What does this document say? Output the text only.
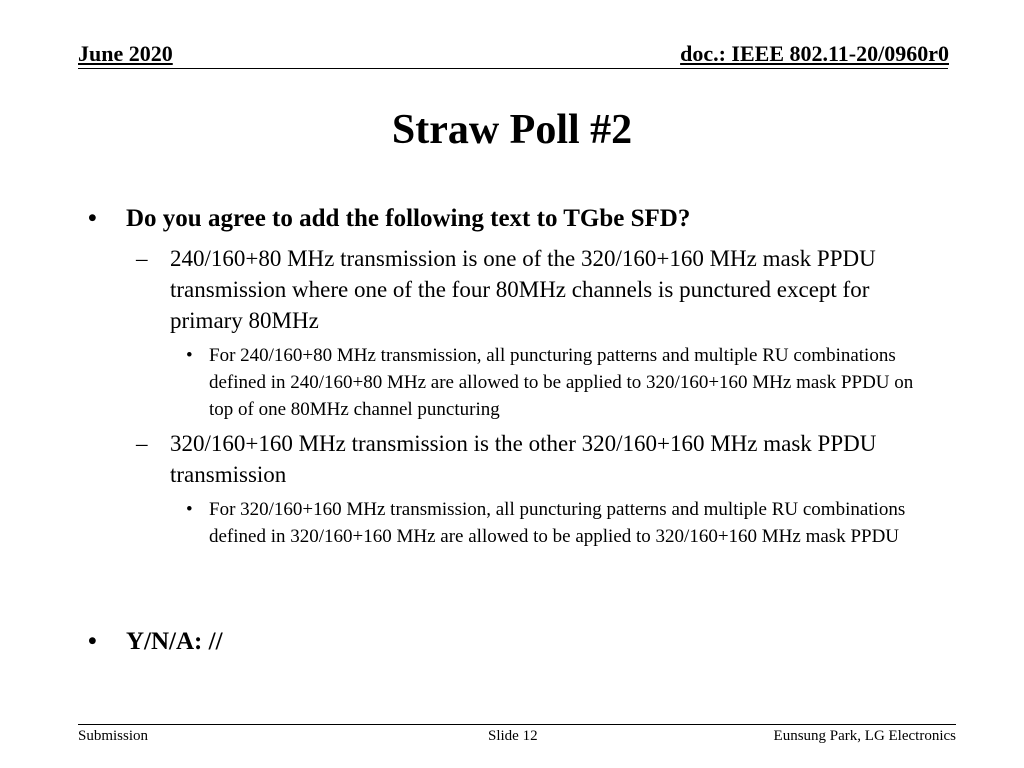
June 2020	doc.: IEEE 802.11-20/0960r0
Straw Poll #2
• Do you agree to add the following text to TGbe SFD?
– 240/160+80 MHz transmission is one of the 320/160+160 MHz mask PPDU transmission where one of the four 80MHz channels is punctured except for primary 80MHz
• For 240/160+80 MHz transmission, all puncturing patterns and multiple RU combinations defined in 240/160+80 MHz are allowed to be applied to 320/160+160 MHz mask PPDU on top of one 80MHz channel puncturing
– 320/160+160 MHz transmission is the other 320/160+160 MHz mask PPDU transmission
• For 320/160+160 MHz transmission, all puncturing patterns and multiple RU combinations defined in 320/160+160 MHz are allowed to be applied to 320/160+160 MHz mask PPDU
• Y/N/A: //
Submission	Slide 12	Eunsung Park, LG Electronics
